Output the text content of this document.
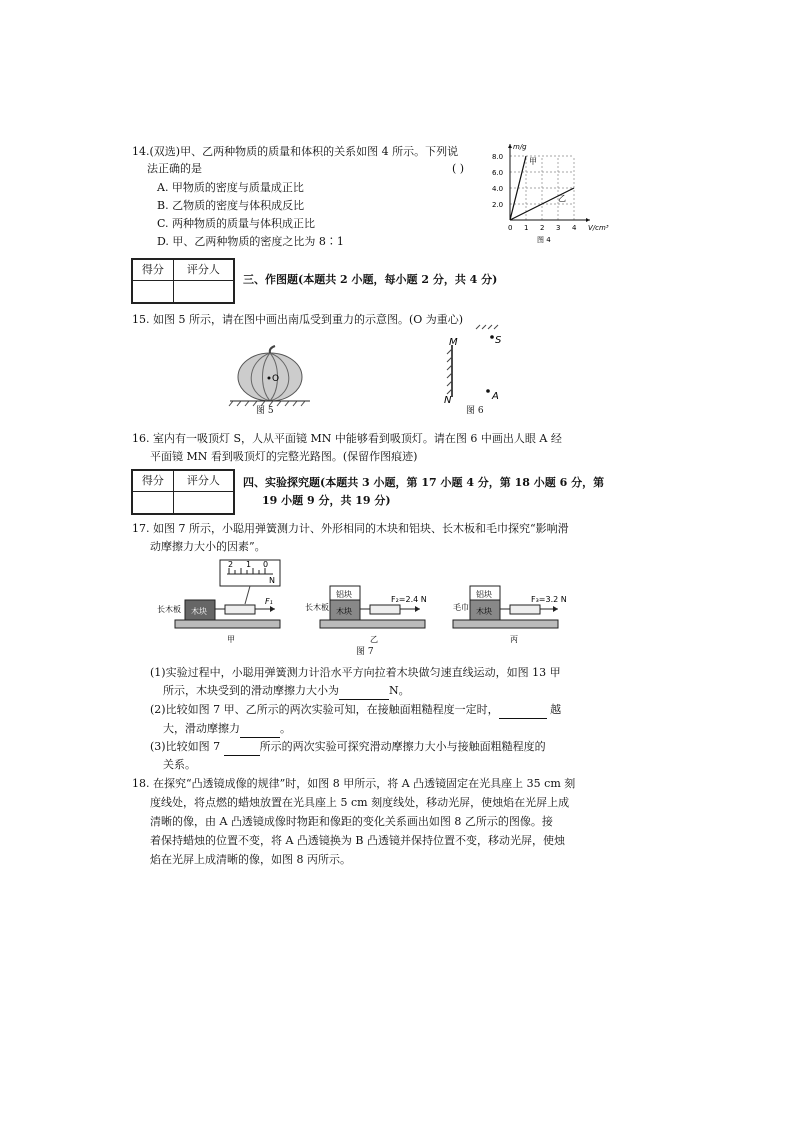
14.(双选)甲、乙两种物质的质量和体积的关系如图 4 所示。下列说
法正确的是	( )
A. 甲物质的密度与质量成正比
B. 乙物质的密度与体积成反比
C. 两种物质的质量与体积成正比
D. 甲、乙两种物质的密度之比为 8∶1
8.0
6.0
4.0
2.0
0 1 2 3 4
m/g
V/cm³
甲
乙
图 4
得分	评分人

三、作图题(本题共 2 小题，每小题 2 分，共 4 分)
15. 如图 5 所示，请在图中画出南瓜受到重力的示意图。(O 为重心)
O
图 5
M
N
S
A
图 6
16. 室内有一吸顶灯 S，人从平面镜 MN 中能够看到吸顶灯。请在图 6 中画出人眼 A 经
平面镜 MN 看到吸顶灯的完整光路图。(保留作图痕迹)
得分	评分人
	四、实验探究题(本题共 3 小题，第 17 小题 4 分，第 18 小题 6 分，第
19 小题 9 分，共 19 分)
17. 如图 7 所示，小聪用弹簧测力计、外形相同的木块和铝块、长木板和毛巾探究“影响滑
动摩擦力大小的因素”。
2 1 0
N
木块
F₁
长木板
甲
铝块
木块
F₂=2.4 N
长木板
乙
铝块
木块
F₃=3.2 N
毛巾
丙
图 7
(1)实验过程中，小聪用弹簧测力计沿水平方向拉着木块做匀速直线运动，如图 13 甲
所示，木块受到的滑动摩擦力大小为	N。
(2)比较如图 7 甲、乙所示的两次实验可知，在接触面粗糙程度一定时，	越
大，滑动摩擦力	。
(3)比较如图 7	所示的两次实验可探究滑动摩擦力大小与接触面粗糙程度的
关系。
18. 在探究“凸透镜成像的规律”时，如图 8 甲所示，将 A 凸透镜固定在光具座上 35 cm 刻
度线处，将点燃的蜡烛放置在光具座上 5 cm 刻度线处，移动光屏，使烛焰在光屏上成
清晰的像，由 A 凸透镜成像时物距和像距的变化关系画出如图 8 乙所示的图像。接
着保持蜡烛的位置不变，将 A 凸透镜换为 B 凸透镜并保持位置不变，移动光屏，使烛
焰在光屏上成清晰的像，如图 8 丙所示。
